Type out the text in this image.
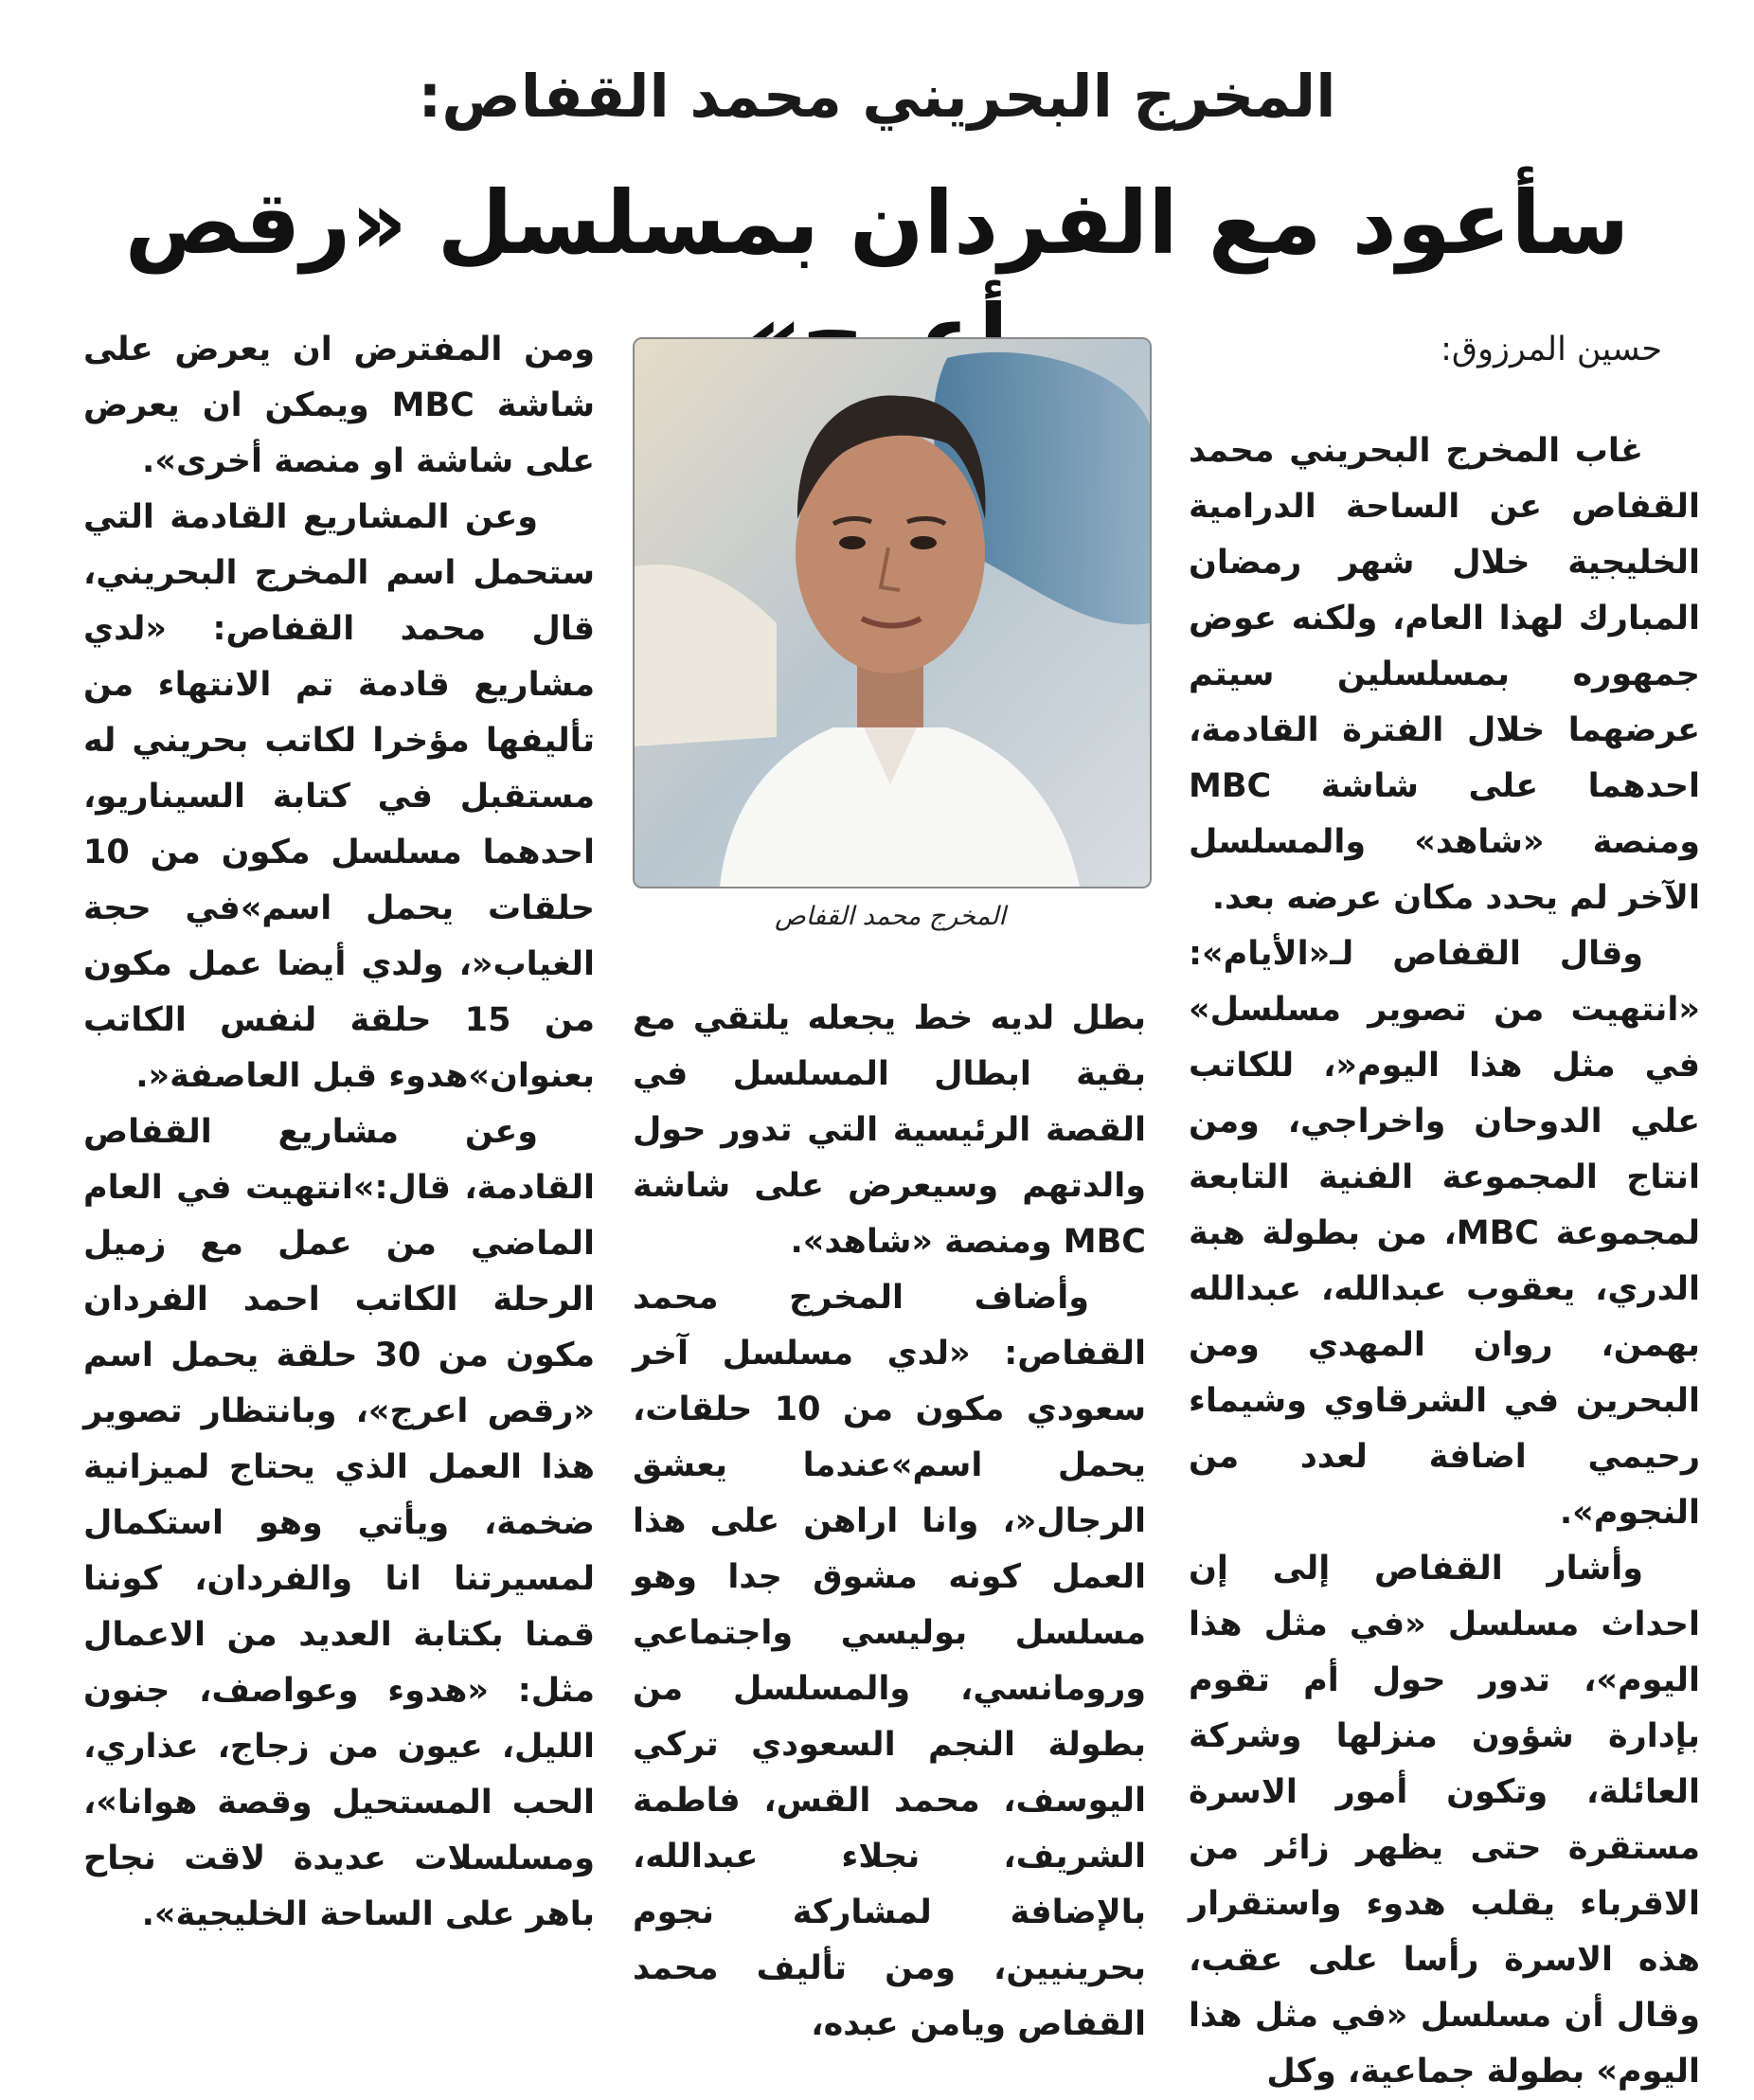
المخرج البحريني محمد القفاص:
سأعود مع الفردان بمسلسل «رقص

حسين المرزوق:

غاب المخرج البحريني محمد القفاص عن الساحة الدرامية الخليجية خلال شهر رمضان المبارك لهذا العام، ولكنه عوض جمهوره بمسلسلين سيتم عرضهما خلال الفترة القادمة، احدهما على شاشة MBC ومنصة «شاهد» والمسلسل الآخر لم يحدد مكان عرضه بعد.

وقال القفاص لـ«الأيام»: «انتهيت من تصوير مسلسل» في مثل هذا اليوم«، للكاتب علي الدوحان واخراجي، ومن انتاج المجموعة الفنية التابعة لمجموعة MBC، من بطولة هبة الدري، يعقوب عبدالله، عبدالله بهمن، روان المهدي ومن البحرين في الشرقاوي وشيماء رحيمي اضافة لعدد من النجوم».

وأشار القفاص إلى إن احداث مسلسل «في مثل هذا اليوم»، تدور حول أم تقوم بإدارة شؤون منزلها وشركة العائلة، وتكون أمور الاسرة مستقرة حتى يظهر زائر من الاقرباء يقلب هدوء واستقرار هذه الاسرة رأسا على عقب، وقال أن مسلسل «في مثل هذا اليوم» بطولة جماعية، وكل

المخرج محمد القفاص

بطل لديه خط يجعله يلتقي مع بقية ابطال المسلسل في القصة الرئيسية التي تدور حول والدتهم وسيعرض على شاشة MBC ومنصة «شاهد».

وأضاف المخرج محمد القفاص: «لدي مسلسل آخر سعودي مكون من 10 حلقات، يحمل اسم»عندما يعشق الرجال«، وانا اراهن على هذا العمل كونه مشوق جدا وهو مسلسل بوليسي واجتماعي ورومانسي، والمسلسل من بطولة النجم السعودي تركي اليوسف، محمد القس، فاطمة الشريف، نجلاء عبدالله، بالإضافة لمشاركة نجوم بحرينيين، ومن تأليف محمد القفاص ويامن عبده،

ومن المفترض ان يعرض على شاشة MBC ويمكن ان يعرض على شاشة او منصة أخرى».

وعن المشاريع القادمة التي ستحمل اسم المخرج البحريني، قال محمد القفاص: «لدي مشاريع قادمة تم الانتهاء من تأليفها مؤخرا لكاتب بحريني له مستقبل في كتابة السيناريو، احدهما مسلسل مكون من 10 حلقات يحمل اسم»في حجة الغياب«، ولدي أيضا عمل مكون من 15 حلقة لنفس الكاتب بعنوان»هدوء قبل العاصفة«.

وعن مشاريع القفاص القادمة، قال:»انتهيت في العام الماضي من عمل مع زميل الرحلة الكاتب احمد الفردان مكون من 30 حلقة يحمل اسم «رقص اعرج»، وبانتظار تصوير هذا العمل الذي يحتاج لميزانية ضخمة، ويأتي وهو استكمال لمسيرتنا انا والفردان، كوننا قمنا بكتابة العديد من الاعمال مثل: «هدوء وعواصف، جنون الليل، عيون من زجاج، عذاري، الحب المستحيل وقصة هوانا»، ومسلسلات عديدة لاقت نجاح باهر على الساحة الخليجية».
